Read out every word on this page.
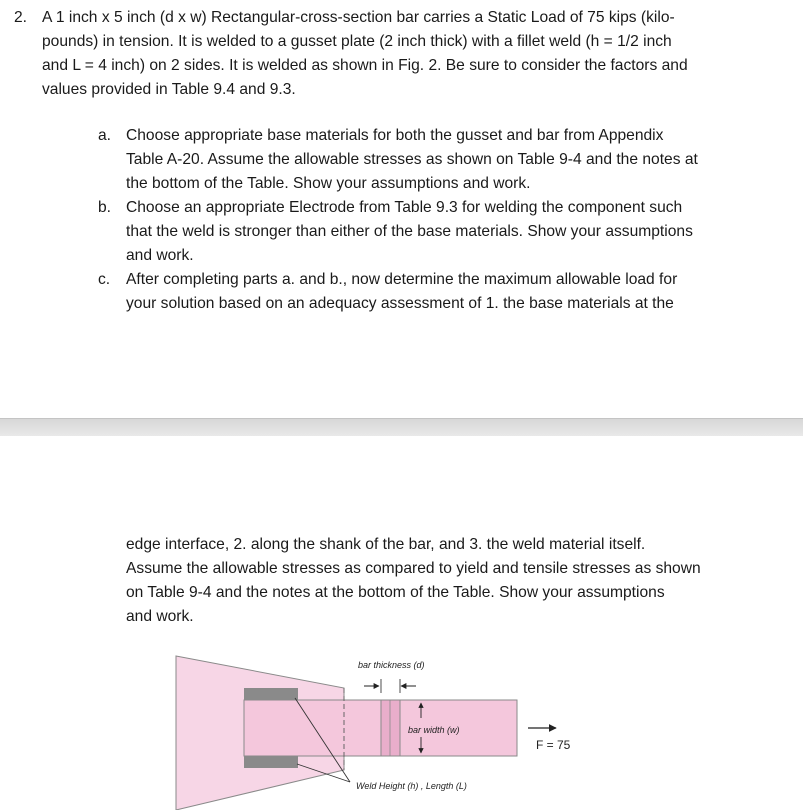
2. A 1 inch x 5 inch (d x w) Rectangular-cross-section bar carries a Static Load of 75 kips (kilo-
pounds) in tension. It is welded to a gusset plate (2 inch thick) with a fillet weld (h = 1/2 inch
and L = 4 inch) on 2 sides. It is welded as shown in Fig. 2. Be sure to consider the factors and
values provided in Table 9.4 and 9.3.
a. Choose appropriate base materials for both the gusset and bar from Appendix
Table A-20. Assume the allowable stresses as shown on Table 9-4 and the notes at
the bottom of the Table. Show your assumptions and work.
b. Choose an appropriate Electrode from Table 9.3 for welding the component such
that the weld is stronger than either of the base materials. Show your assumptions
and work.
c. After completing parts a. and b., now determine the maximum allowable load for
your solution based on an adequacy assessment of 1. the base materials at the
edge interface, 2. along the shank of the bar, and 3. the weld material itself.
Assume the allowable stresses as compared to yield and tensile stresses as shown
on Table 9-4 and the notes at the bottom of the Table. Show your assumptions
and work.
bar thickness (d)
bar width (w)
F = 75
Weld Height (h) , Length (L)
